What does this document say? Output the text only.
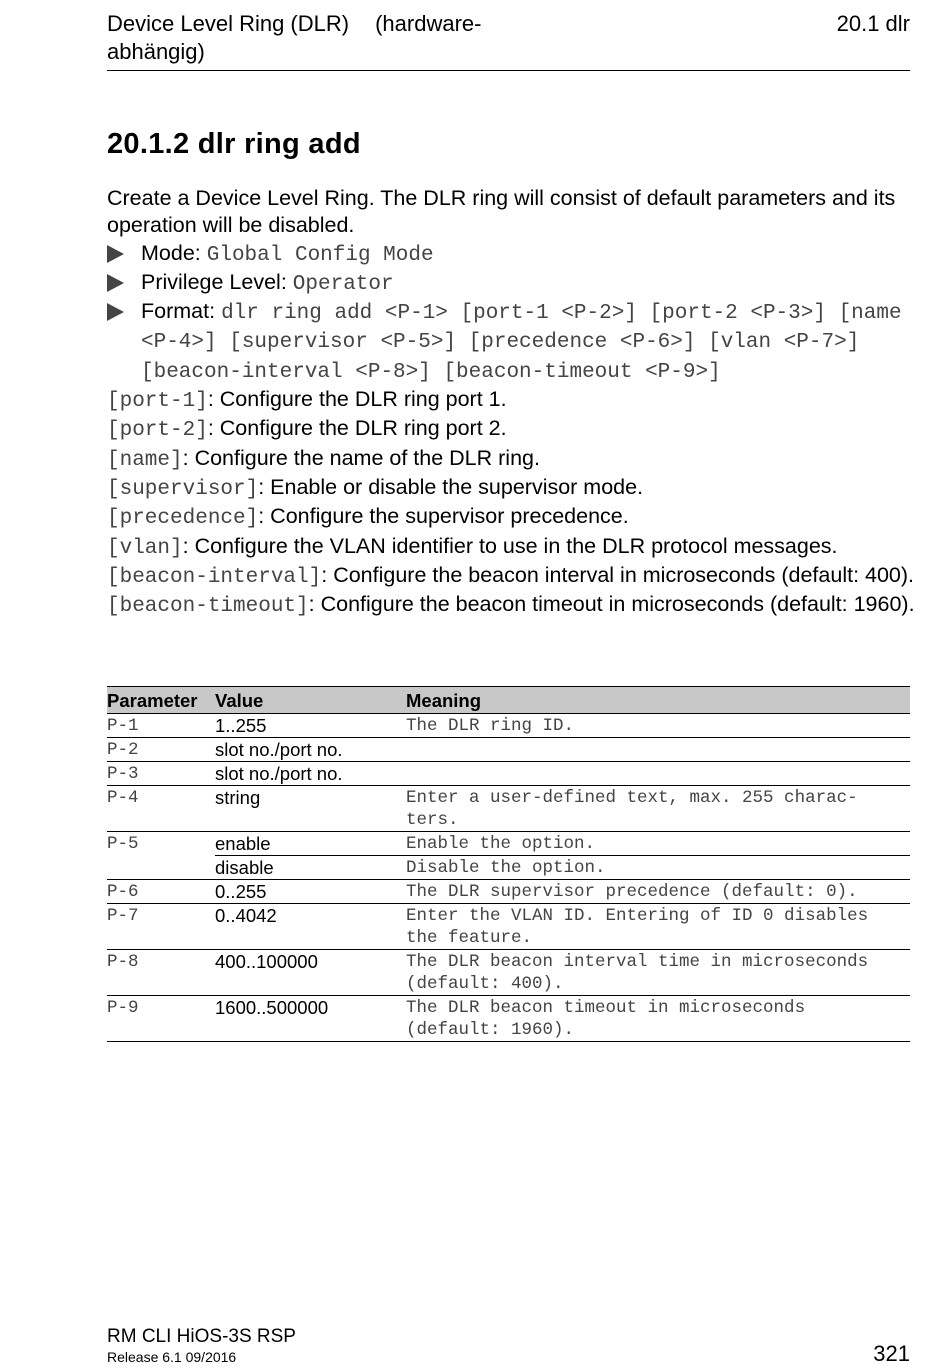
Device Level Ring (DLR) (hardware-
abhängig)
20.1 dlr
20.1.2 dlr ring add

Create a Device Level Ring. The DLR ring will consist of default parameters and its operation will be disabled.

Mode: Global Config Mode

Privilege Level: Operator

Format: dlr ring add <P-1> [port-1 <P-2>] [port-2 <P-3>] [name <P-4>] [supervisor <P-5>] [precedence <P-6>] [vlan <P-7>] [beacon-interval <P-8>] [beacon-timeout <P-9>]

[port-1]: Configure the DLR ring port 1.

[port-2]: Configure the DLR ring port 2.

[name]: Configure the name of the DLR ring.

[supervisor]: Enable or disable the supervisor mode.

[precedence]: Configure the supervisor precedence.

[vlan]: Configure the VLAN identifier to use in the DLR protocol messages.

[beacon-interval]: Configure the beacon interval in microseconds (default: 400).

[beacon-timeout]: Configure the beacon timeout in microseconds (default: 1960).

Parameter	Value	Meaning
P-1	1..255	The DLR ring ID.
P-2	slot no./port no.	
P-3	slot no./port no.	
P-4	string	Enter a user-defined text, max. 255 charac-ters.
P-5	enable	Enable the option.
	disable	Disable the option.
P-6	0..255	The DLR supervisor precedence (default: 0).
P-7	0..4042	Enter the VLAN ID. Entering of ID 0 disables the feature.
P-8	400..100000	The DLR beacon interval time in microseconds (default: 400).
P-9	1600..500000	The DLR beacon timeout in microseconds (default: 1960).
RM CLI HiOS-3S RSP
Release 6.1 09/2016	321
